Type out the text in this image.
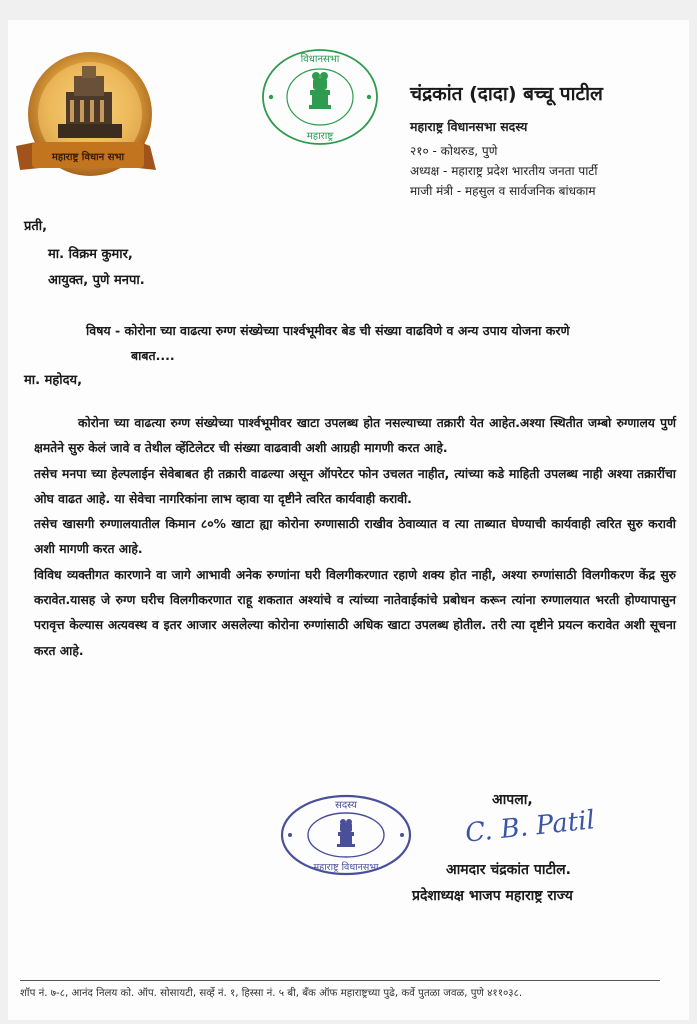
महाराष्ट्र विधान सभा
विधानसभा
महाराष्ट्र
चंद्रकांत (दादा) बच्चू पाटील
महाराष्ट्र विधानसभा सदस्य
२१० - कोथरुड, पुणे
अध्यक्ष - महाराष्ट्र प्रदेश भारतीय जनता पार्टी
माजी मंत्री - महसुल व सार्वजनिक बांधकाम
प्रती,
मा. विक्रम कुमार,
आयुक्त, पुणे मनपा.
विषय - कोरोना च्या वाढत्या रुग्ण संख्येच्या पार्श्वभूमीवर बेड ची संख्या वाढविणे व अन्य उपाय योजना करणे
बाबत....
मा. महोदय,

कोरोना च्या वाढत्या रुग्ण संख्येच्या पार्श्वभूमीवर खाटा उपलब्ध होत नसल्याच्या तक्रारी येत आहेत.अश्या स्थितीत जम्बो रुग्णालय पुर्ण क्षमतेने सुरु केलं जावे व तेथील व्हेंटिलेटर ची संख्या वाढवावी अशी आग्रही मागणी करत आहे.

तसेच मनपा च्या हेल्पलाईन सेवेबाबत ही तक्रारी वाढल्या असून ऑपरेटर फोन उचलत नाहीत, त्यांच्या कडे माहिती उपलब्ध नाही अश्या तक्रारींचा ओघ वाढत आहे. या सेवेचा नागरिकांना लाभ व्हावा या दृष्टीने त्वरित कार्यवाही करावी.

तसेच खासगी रुग्णालयातील किमान ८०% खाटा ह्या कोरोना रुग्णासाठी राखीव ठेवाव्यात व त्या ताब्यात घेण्याची कार्यवाही त्वरित सुरु करावी अशी मागणी करत आहे.

विविध व्यक्तीगत कारणाने वा जागे आभावी अनेक रुग्णांना घरी विलगीकरणात रहाणे शक्य होत नाही, अश्या रुग्णांसाठी विलगीकरण केंद्र सुरु करावेत.यासह जे रुग्ण घरीच विलगीकरणात राहू शकतात अश्यांचे व त्यांच्या नातेवाईकांचे प्रबोधन करून त्यांना रुग्णालयात भरती होण्यापासुन परावृत्त केल्यास अत्यवस्थ व इतर आजार असलेल्या कोरोना रुग्णांसाठी अधिक खाटा उपलब्ध होतील. तरी त्या दृष्टीने प्रयत्न करावेत अशी सूचना करत आहे.

सदस्य
महाराष्ट्र विधानसभा
आपला,
C. B. Patil
आमदार चंद्रकांत पाटील.
प्रदेशाध्यक्ष भाजप महाराष्ट्र राज्य
शॉप नं. ७-८, आनंद निलय को. ऑप. सोसायटी, सर्व्हे नं. १, हिस्सा नं. ५ बी, बँक ऑफ महाराष्ट्रच्या पुढे, कर्वे पुतळा जवळ, पुणे ४११०३८.
